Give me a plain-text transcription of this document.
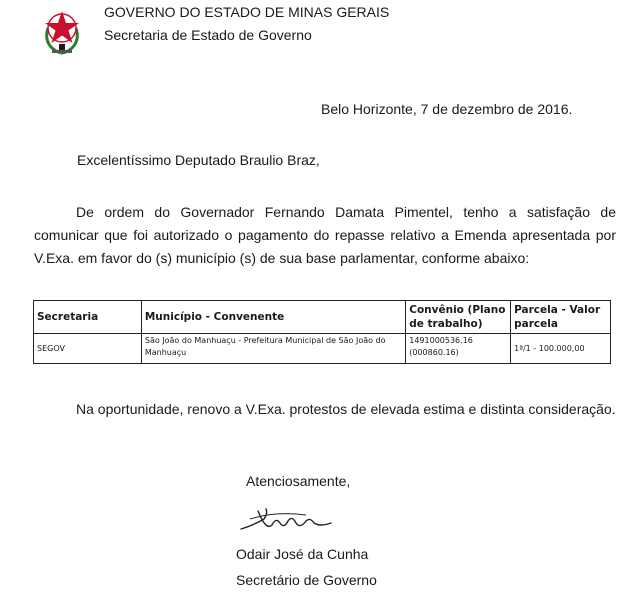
GOVERNO DO ESTADO DE MINAS GERAIS
Secretaria de Estado de Governo
Belo Horizonte, 7 de dezembro de 2016.
Excelentíssimo Deputado Braulio Braz,
De ordem do Governador Fernando Damata Pimentel, tenho a satisfação de comunicar que foi autorizado o pagamento do repasse relativo a Emenda apresentada por V.Exa. em favor do (s) município (s) de sua base parlamentar, conforme abaixo:
Secretaria	Município - Convenente	Convênio (Plano de trabalho)	Parcela - Valor parcela
SEGOV	São João do Manhuaçu - Prefeitura Municipal de São João do Manhuaçu	1491000536.16 (000860.16)	1ª/1 - 100.000,00
Na oportunidade, renovo a V.Exa. protestos de elevada estima e distinta consideração.
Atenciosamente,
Odair José da Cunha
Secretário de Governo
